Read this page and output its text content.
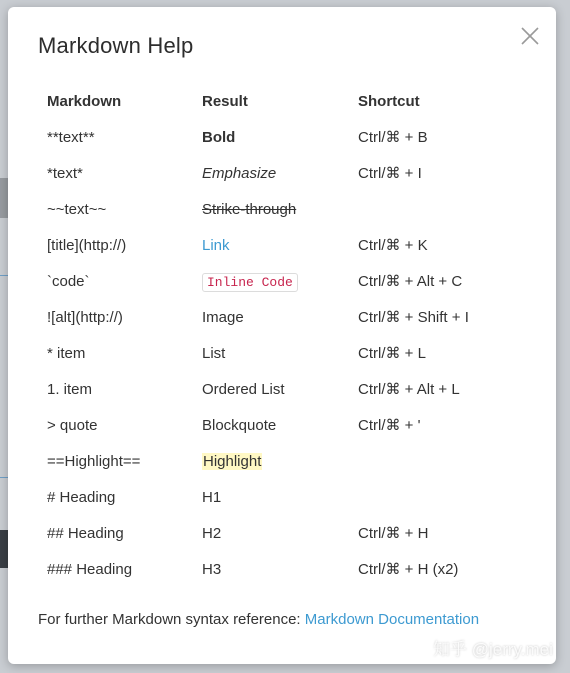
Markdown Help
Markdown	Result	Shortcut
**text**	Bold	Ctrl/⌘ + B
*text*	Emphasize	Ctrl/⌘ + I
~~text~~	Strike-through	
[title](http://)	Link	Ctrl/⌘ + K
`code`	Inline Code	Ctrl/⌘ + Alt + C
![alt](http://)	Image	Ctrl/⌘ + Shift + I
* item	List	Ctrl/⌘ + L
1. item	Ordered List	Ctrl/⌘ + Alt + L
> quote	Blockquote	Ctrl/⌘ + '
==Highlight==	Highlight	
# Heading	H1	
## Heading	H2	Ctrl/⌘ + H
### Heading	H3	Ctrl/⌘ + H (x2)
For further Markdown syntax reference: Markdown Documentation
知乎 @jerry.mei
